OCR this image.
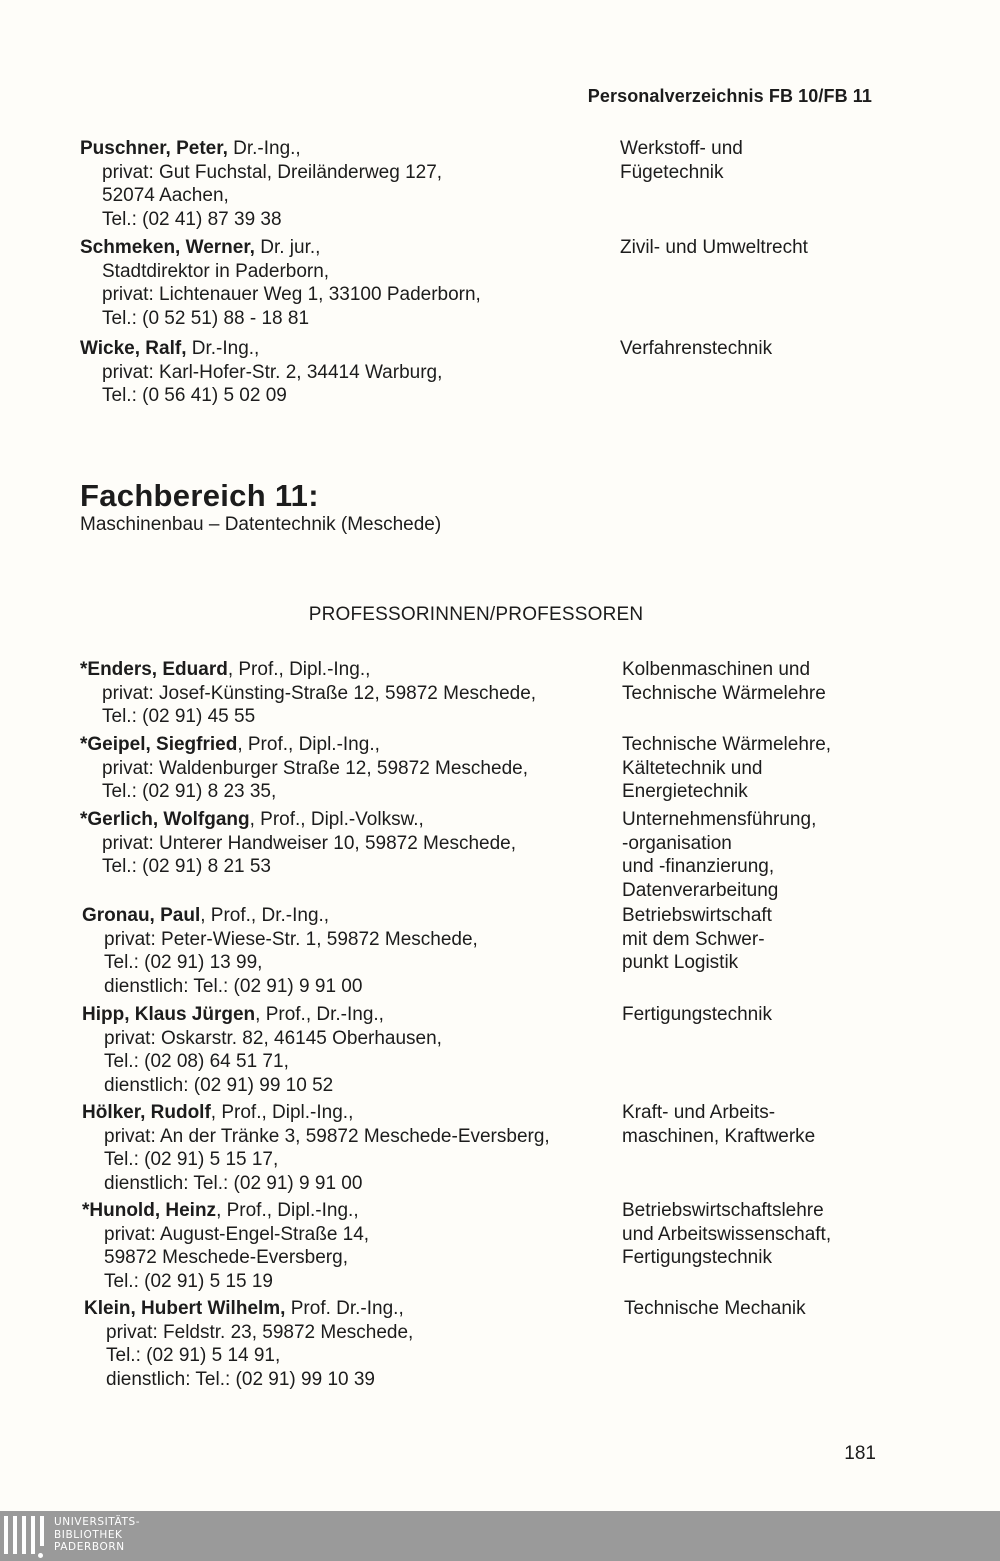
Personalverzeichnis FB 10/FB 11
Puschner, Peter, Dr.-Ing.,
privat: Gut Fuchstal, Dreiländerweg 127,
52074 Aachen,
Tel.: (02 41) 87 39 38
Werkstoff- und
Fügetechnik
Schmeken, Werner, Dr. jur.,
Stadtdirektor in Paderborn,
privat: Lichtenauer Weg 1, 33100 Paderborn,
Tel.: (0 52 51) 88 - 18 81
Zivil- und Umweltrecht
Wicke, Ralf, Dr.-Ing.,
privat: Karl-Hofer-Str. 2, 34414 Warburg,
Tel.: (0 56 41) 5 02 09
Verfahrenstechnik
Fachbereich 11:
Maschinenbau – Datentechnik (Meschede)
PROFESSORINNEN/PROFESSOREN
*Enders, Eduard, Prof., Dipl.-Ing.,
privat: Josef-Künsting-Straße 12, 59872 Meschede,
Tel.: (02 91) 45 55
Kolbenmaschinen und
Technische Wärmelehre
*Geipel, Siegfried, Prof., Dipl.-Ing.,
privat: Waldenburger Straße 12, 59872 Meschede,
Tel.: (02 91) 8 23 35,
Technische Wärmelehre,
Kältetechnik und
Energietechnik
*Gerlich, Wolfgang, Prof., Dipl.-Volksw.,
privat: Unterer Handweiser 10, 59872 Meschede,
Tel.: (02 91) 8 21 53
Unternehmensführung,
-organisation
und -finanzierung,
Datenverarbeitung
Gronau, Paul, Prof., Dr.-Ing.,
privat: Peter-Wiese-Str. 1, 59872 Meschede,
Tel.: (02 91) 13 99,
dienstlich: Tel.: (02 91) 9 91 00
Betriebswirtschaft
mit dem Schwer-
punkt Logistik
Hipp, Klaus Jürgen, Prof., Dr.-Ing.,
privat: Oskarstr. 82, 46145 Oberhausen,
Tel.: (02 08) 64 51 71,
dienstlich: (02 91) 99 10 52
Fertigungstechnik
Hölker, Rudolf, Prof., Dipl.-Ing.,
privat: An der Tränke 3, 59872 Meschede-Eversberg,
Tel.: (02 91) 5 15 17,
dienstlich: Tel.: (02 91) 9 91 00
Kraft- und Arbeits-
maschinen, Kraftwerke
*Hunold, Heinz, Prof., Dipl.-Ing.,
privat: August-Engel-Straße 14,
59872 Meschede-Eversberg,
Tel.: (02 91) 5 15 19
Betriebswirtschaftslehre
und Arbeitswissenschaft,
Fertigungstechnik
Klein, Hubert Wilhelm, Prof. Dr.-Ing.,
privat: Feldstr. 23, 59872 Meschede,
Tel.: (02 91) 5 14 91,
dienstlich: Tel.: (02 91) 99 10 39
Technische Mechanik
181
UNIVERSITÄTS-
BIBLIOTHEK
PADERBORN
